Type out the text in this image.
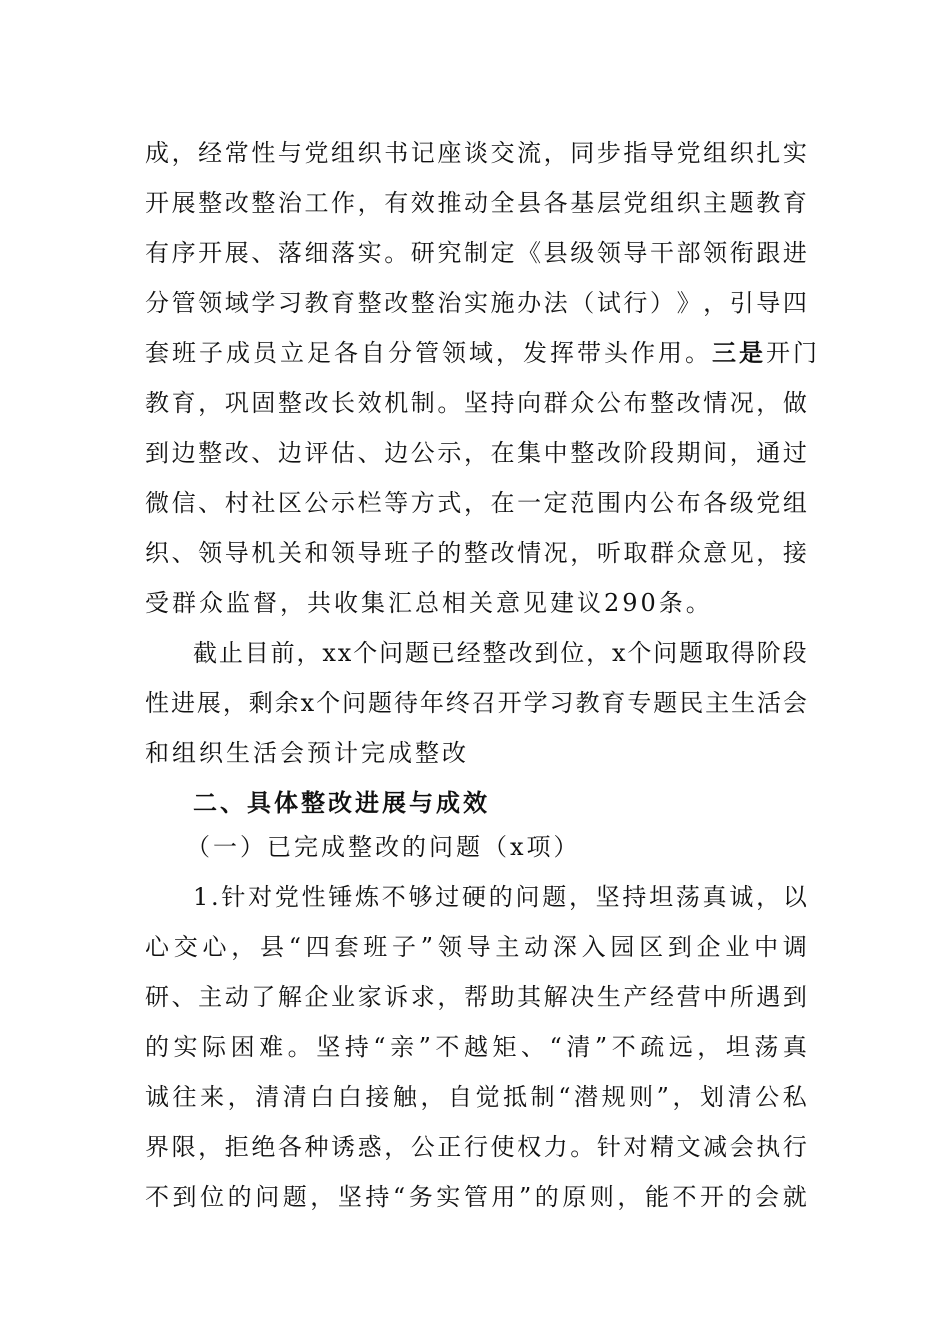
成 ， 经 常 性 与 党 组 织 书 记 座 谈 交 流 ， 同 步 指 导 党 组 织 扎 实
开 展 整 改 整 治 工 作 ， 有 效 推 动 全 县 各 基 层 党 组 织 主 题 教 育
有 序 开 展 、 落 细 落 实 。 研 究 制 定 《 县 级 领 导 干 部 领 衔 跟 进
分 管 领 域 学 习 教 育 整 改 整 治 实 施 办 法 （ 试 行 ） 》 ， 引 导 四
套班子成员立足各自分管领域，发挥带头作用。 三是 开门
教 育 ， 巩 固 整 改 长 效 机 制 。 坚 持 向 群 众 公 布 整 改 情 况 ， 做
到 边 整 改 、 边 评 估 、 边 公 示 ， 在 集 中 整 改 阶 段 期 间 ， 通 过
微 信 、 村 社 区 公 示 栏 等 方 式 ， 在 一 定 范 围 内 公 布 各 级 党 组
织 、 领 导 机 关 和 领 导 班 子 的 整 改 情 况 ， 听 取 群 众 意 见 ， 接
受群众监督，共收集汇总相关意见建议290条。
截 止 目 前 ， x x 个 问 题 已 经 整 改 到 位 ， x 个 问 题 取 得 阶 段
性 进 展 ， 剩 余 x 个 问 题 待 年 终 召 开 学 习 教 育 专 题 民 主 生 活 会
和组织生活会预计完成整改
二、具体整改进展与成效
（一）已完成整改的问题（x项）
1 . 针 对 党 性 锤 炼 不 够 过 硬 的 问 题 ， 坚 持 坦 荡 真 诚 ， 以
心 交 心 ， 县 “ 四 套 班 子 ” 领 导 主 动 深 入 园 区 到 企 业 中 调
研 、 主 动 了 解 企 业 家 诉 求 ， 帮 助 其 解 决 生 产 经 营 中 所 遇 到
的 实 际 困 难 。 坚 持 “ 亲 ” 不 越 矩 、 “ 清 ” 不 疏 远 ， 坦 荡 真
诚 往 来 ， 清 清 白 白 接 触 ， 自 觉 抵 制 “ 潜 规 则 ” ， 划 清 公 私
界 限 ， 拒 绝 各 种 诱 惑 ， 公 正 行 使 权 力 。 针 对 精 文 减 会 执 行
不 到 位 的 问 题 ， 坚 持 “ 务 实 管 用 ” 的 原 则 ， 能 不 开 的 会 就
